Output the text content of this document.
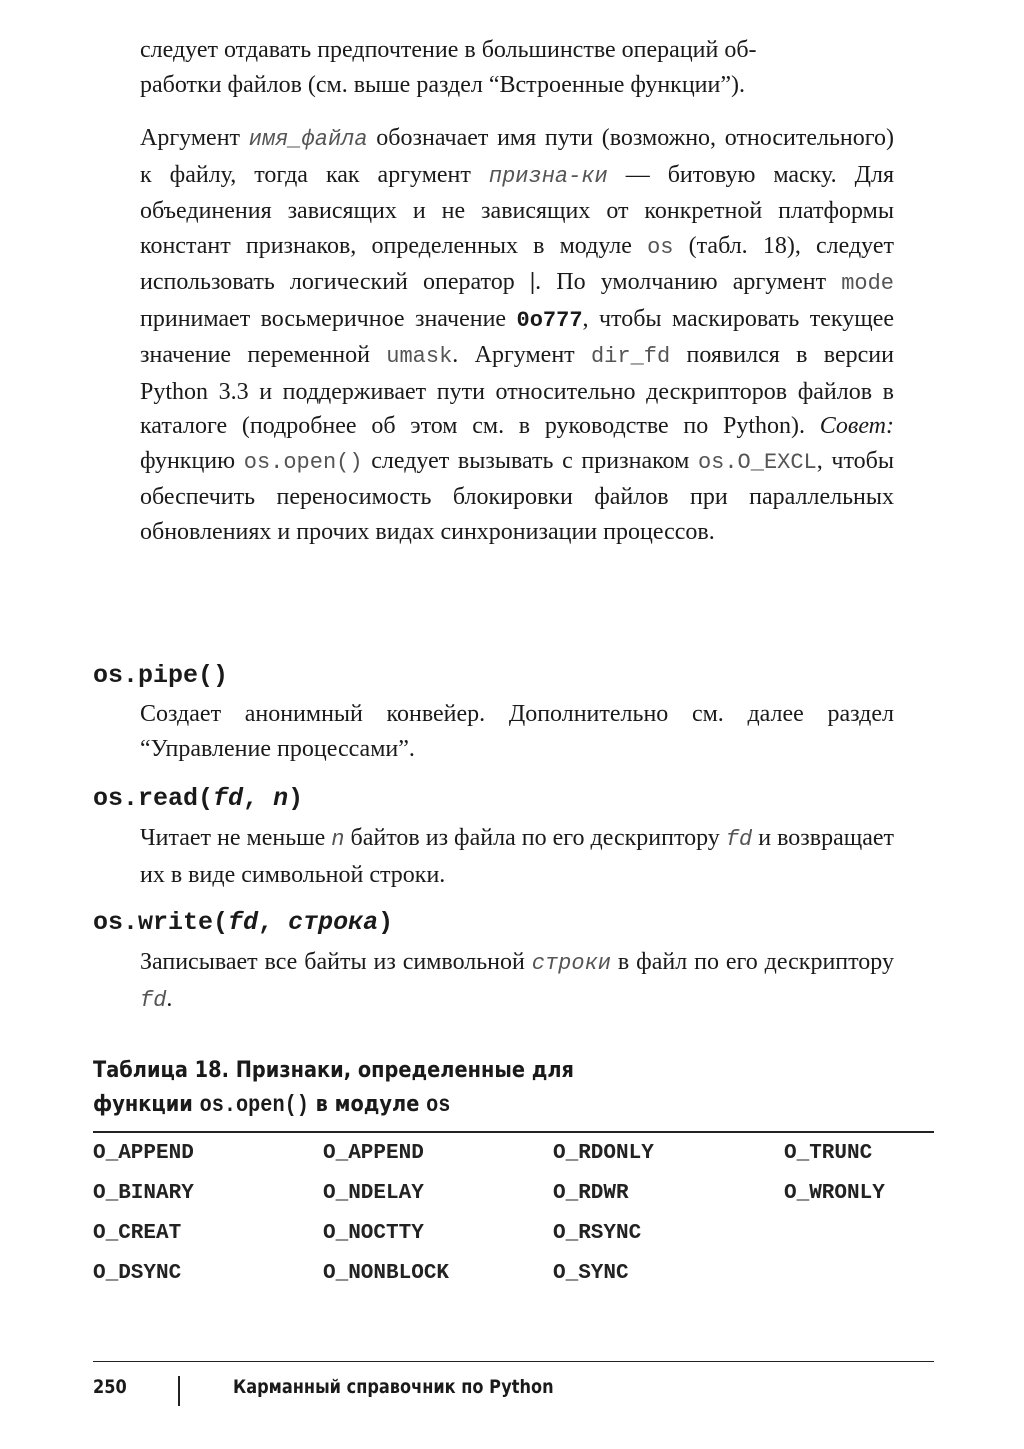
следует отдавать предпочтение в большинстве операций об-
работки файлов (см. выше раздел “Встроенные функции”).

Аргумент имя_файла обозначает имя пути (возможно, относительного) к файлу, тогда как аргумент призна-ки — битовую маску. Для объединения зависящих и не зависящих от конкретной платформы констант признаков, определенных в модуле os (табл. 18), следует использовать логический оператор |. По умолчанию аргумент mode принимает восьмеричное значение 0o777, чтобы маскировать текущее значение переменной umask. Аргумент dir_fd появился в версии Python 3.3 и поддерживает пути относительно дескрипторов файлов в каталоге (подробнее об этом см. в руководстве по Python). Совет: функцию os.open() следует вызывать с признаком os.O_EXCL, чтобы обеспечить переносимость блокировки файлов при параллельных обновлениях и прочих видах синхронизации процессов.

os.pipe()

Создает анонимный конвейер. Дополнительно см. далее раздел “Управление процессами”.

os.read(fd, n)

Читает не меньше n байтов из файла по его дескриптору fd и возвращает их в виде символьной строки.

os.write(fd, строка)

Записывает все байты из символьной строки в файл по его дескриптору fd.

Таблица 18. Признаки, определенные для
функции os.open() в модуле os
O_APPEND	O_APPEND	O_RDONLY	O_TRUNC
O_BINARY	O_NDELAY	O_RDWR	O_WRONLY
O_CREAT	O_NOCTTY	O_RSYNC
O_DSYNC	O_NONBLOCK	O_SYNC
250	Карманный справочник по Python
